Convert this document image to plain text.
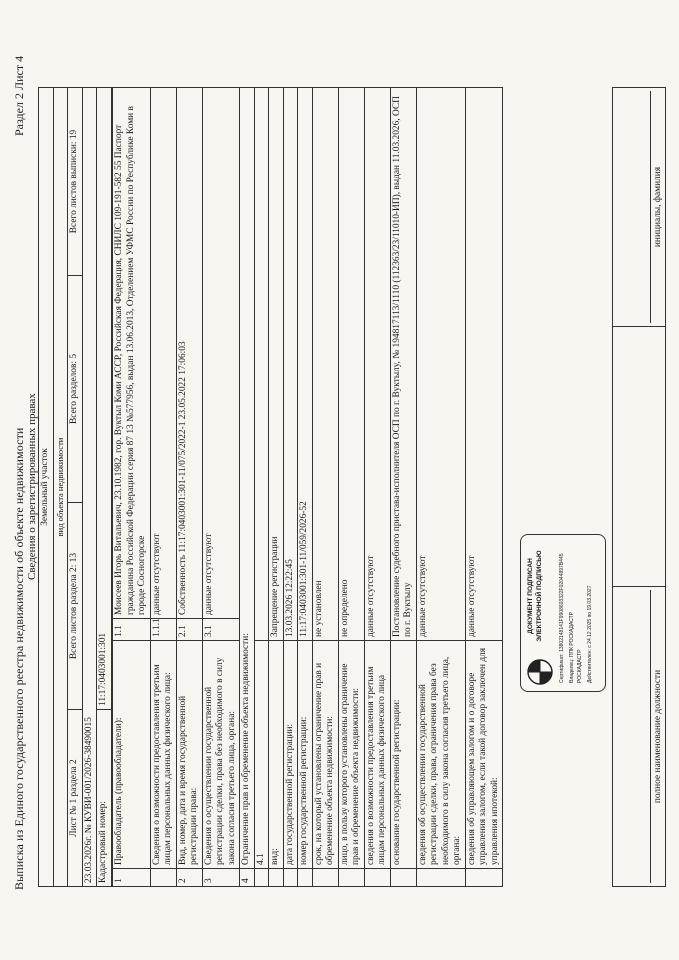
Выписка из Единого государственного реестра недвижимости об объекте недвижимости
Раздел 2 Лист 4
Сведения о зарегистрированных правах Земельный участок			
вид объекта недвижимости			
Лист № 1 раздела 2	Всего листов раздела 2: 13	Всего разделов: 5	Всего листов выписки: 19
23.03.2026г. № КУВИ-001/2026-38490015			
Кадастровый номер:	11:17:0403001:301		
1	Правообладатель (правообладатели):	1.1	Моисеев Игорь Витальевич, 23.10.1982, гор. Вуктыл Коми АССР, Российская Федерация, СНИЛС 109-191-582 55 Паспорт гражданина Российской Федерации серия 87 13 №577956, выдан 13.06.2013, Отделением УФМС России по Республике Коми в городе Сосногорске
	Сведения о возможности предоставления третьим лицам персональных данных физического лица:	1.1.1	данные отсутствуют
2	Вид, номер, дата и время государственной регистрации права:	2.1	Собственность 11:17:0403001:301-11/075/2022-1 23.05.2022 17:06:03
3	Сведения о осуществлении государственной регистрации сделки, права без необходимого в силу закона согласия третьего лица, органа:	3.1	данные отсутствуют
4	Ограничение прав и обременение объекта недвижимости:		
	4.1		
	вид:	Запрещение регистрации	
	дата государственной регистрации:	13.03.2026 12:22:45	
	номер государственной регистрации:	11:17:0403001:301-11/059/2026-52	
	срок, на который установлены ограничение прав и обременение объекта недвижимости:	не установлен	
	лицо, в пользу которого установлены ограничение прав и обременение объекта недвижимости:	не определено	
	сведения о возможности предоставления третьим лицам персональных данных физического лица	данные отсутствуют	
	основание государственной регистрации:	Постановление судебного пристава-исполнителя ОСП по г. Вуктылу, № 194817113/1110 (112363/23/11010-ИП), выдан 11.03.2026, ОСП по г. Вуктылу	
	сведения об осуществлении государственной регистрации сделки, права, ограничения права без необходимого в силу закона согласия третьего лица, органа:	данные отсутствуют	
	сведения об управляющем залогом и о договоре управления залогом, если такой договор заключен для управления ипотекой:	данные отсутствуют		ДОКУМЕНТ ПОДПИСАН ЭЛЕКТРОННОЙ ПОДПИСЬЮ	Сертификат: 13802148141F9908603322F02044897B445 Владелец: ППК РОСКАДАСТР РОСКАДАСТР Действителен: с 24.12.2025 по 19.03.2027
полное наименование должности

инициалы, фамилия
